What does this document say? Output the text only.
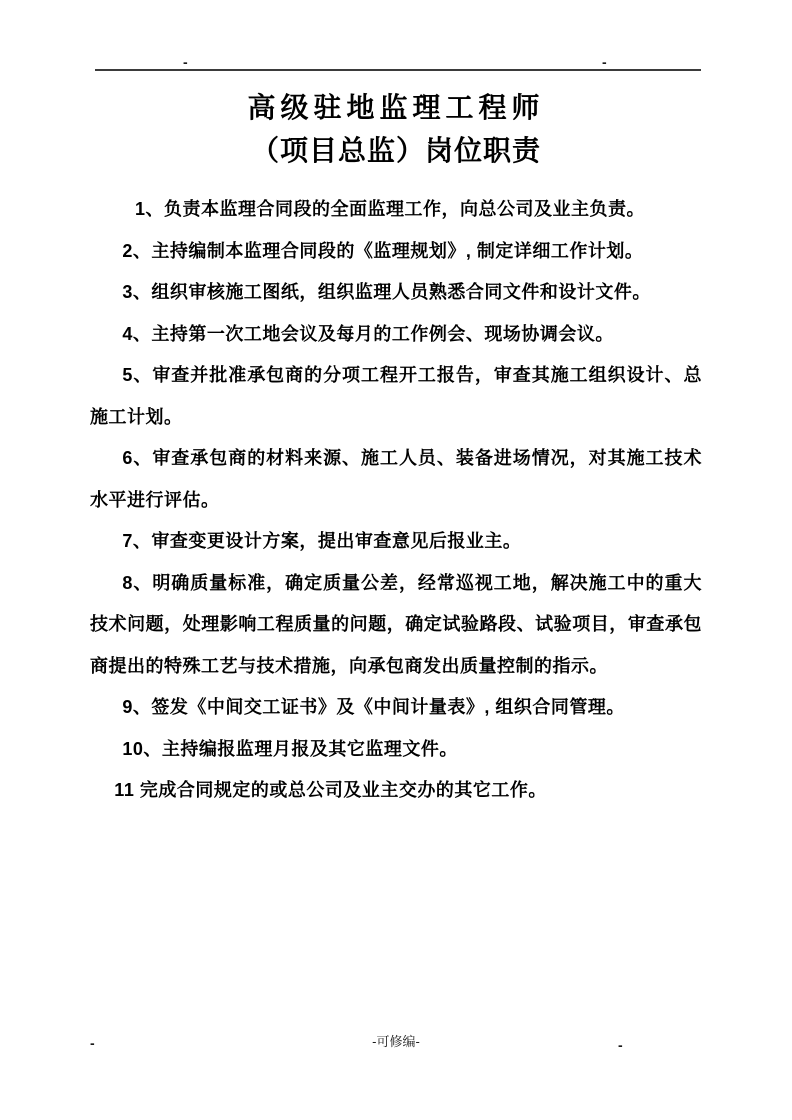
-	-
高级驻地监理工程师
（项目总监）岗位职责

1、负责本监理合同段的全面监理工作，向总公司及业主负责。

2、主持编制本监理合同段的《监理规划》, 制定详细工作计划。

3、组织审核施工图纸，组织监理人员熟悉合同文件和设计文件。

4、主持第一次工地会议及每月的工作例会、现场协调会议。

5、审查并批准承包商的分项工程开工报告，审查其施工组织设计、总施工计划。

6、审查承包商的材料来源、施工人员、装备进场情况，对其施工技术水平进行评估。

7、审查变更设计方案，提出审查意见后报业主。

8、明确质量标准，确定质量公差，经常巡视工地，解决施工中的重大技术问题，处理影响工程质量的问题，确定试验路段、试验项目，审查承包商提出的特殊工艺与技术措施，向承包商发出质量控制的指示。

9、签发《中间交工证书》及《中间计量表》, 组织合同管理。

10、主持编报监理月报及其它监理文件。

11 完成合同规定的或总公司及业主交办的其它工作。

-可修编-
-	-
